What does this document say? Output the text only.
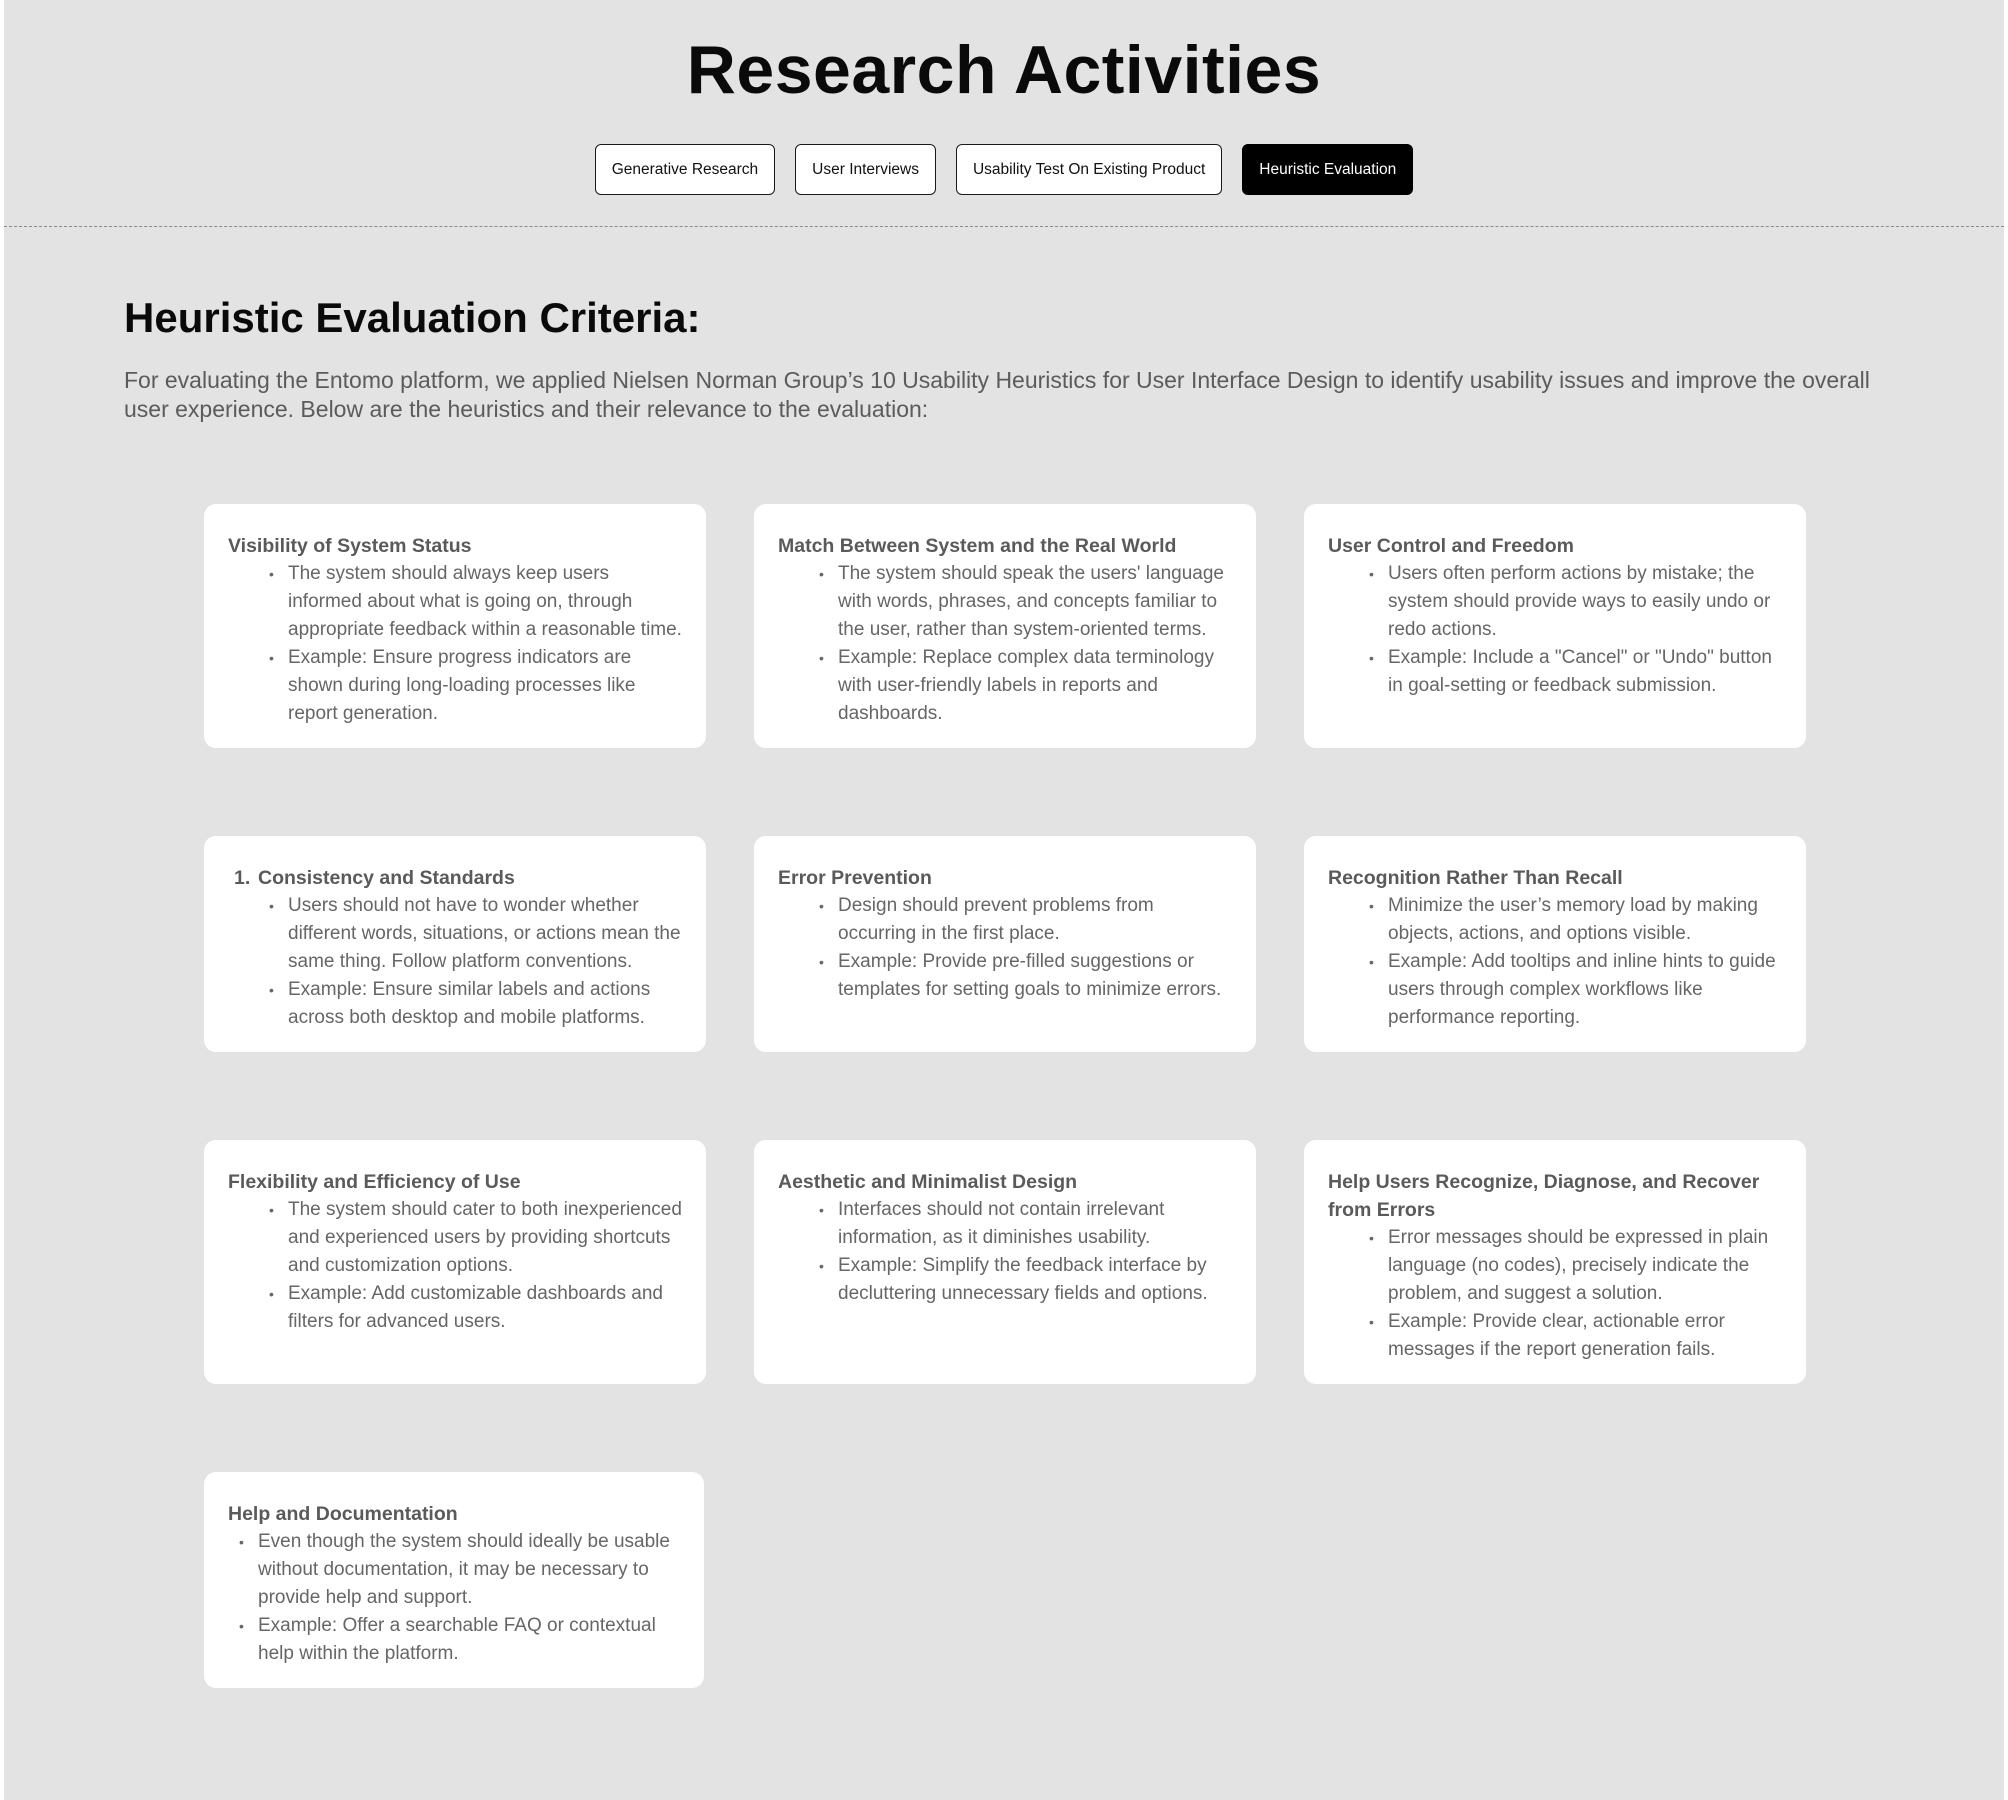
Research Activities
Generative Research	User Interviews	Usability Test On Existing Product	Heuristic Evaluation
Heuristic Evaluation Criteria:

For evaluating the Entomo platform, we applied Nielsen Norman Group’s 10 Usability Heuristics for User Interface Design to identify usability issues and improve the overall user experience. Below are the heuristics and their relevance to the evaluation:

Visibility of System Status
• The system should always keep users informed about what is going on, through appropriate feedback within a reasonable time.
• Example: Ensure progress indicators are shown during long-loading processes like report generation.
Match Between System and the Real World
• The system should speak the users' language with words, phrases, and concepts familiar to the user, rather than system-oriented terms.
• Example: Replace complex data terminology with user-friendly labels in reports and dashboards.
User Control and Freedom
• Users often perform actions by mistake; the system should provide ways to easily undo or redo actions.
• Example: Include a "Cancel" or "Undo" button in goal-setting or feedback submission.
1. Consistency and Standards
• Users should not have to wonder whether different words, situations, or actions mean the same thing. Follow platform conventions.
• Example: Ensure similar labels and actions across both desktop and mobile platforms.
Error Prevention
• Design should prevent problems from occurring in the first place.
• Example: Provide pre-filled suggestions or templates for setting goals to minimize errors.
Recognition Rather Than Recall
• Minimize the user’s memory load by making objects, actions, and options visible.
• Example: Add tooltips and inline hints to guide users through complex workflows like performance reporting.
Flexibility and Efficiency of Use
• The system should cater to both inexperienced and experienced users by providing shortcuts and customization options.
• Example: Add customizable dashboards and filters for advanced users.
Aesthetic and Minimalist Design
• Interfaces should not contain irrelevant information, as it diminishes usability.
• Example: Simplify the feedback interface by decluttering unnecessary fields and options.
Help Users Recognize, Diagnose, and Recover from Errors
• Error messages should be expressed in plain language (no codes), precisely indicate the problem, and suggest a solution.
• Example: Provide clear, actionable error messages if the report generation fails.
Help and Documentation
• Even though the system should ideally be usable without documentation, it may be necessary to provide help and support.
• Example: Offer a searchable FAQ or contextual help within the platform.
